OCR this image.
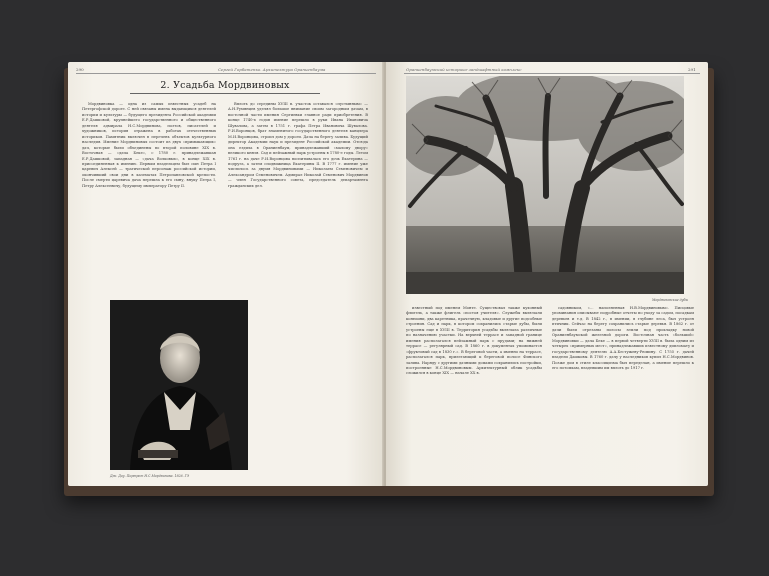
290	Сергей Горбатенко. Архитектура Ораниенбаума
2. Усадьба Мордвиновых

Мордвиновка — одна из самых известных усадеб на Петергофской дороге. С ней связаны имена выдающихся деятелей истории и культуры — будущего президента Российской академии Е.Р.Дашковой, крупнейшего государственного и общественного деятеля адмирала Н.С.Мордвинова, поэтов, писателей и художников, история отражена в работах отечественных историков. Памятник включен в перечень объектов культурного наследия. Имение Мордвиновых состоит из двух «примыкающих» дач, которые были объединены во второй половине XIX в. Восточная — «дача Беке», с 1780 г. принадлежавшая Е.Р.Дашковой, западная — «дача Волковых», в конце XIX в. присоединенная к имению. Первым владельцем был сын Петра I царевич Алексей — трагической персонаж российской истории, окончивший свои дни в казематах Петропавловской крепости. После смерти царевича дача перешла к его сыну, внуку Петра I, Петру Алексеевичу, будущему императору Петру II.

Вплоть до середины XVIII в. участок оставался «пустынным» — А.Н.Румянцев уделял большое внимание своим загородным дачам, в восточной части имения Сергиевки главное ради приобретения. В конце 1740-х годов имение перешло в руки Ивана Ивановича Шувалова, а затем в 1751 г. графа Петра Ивановича Шувалова. Р.И.Воронцов, брат знаменитого государственного деятеля канцлера М.И.Воронцова, строил дом у дороги. Дача на берегу залива. Будущий директор Академии наук и президент Российской академии. Отсюда она ездила в Ораниенбаум, принадлежавший «малому двору» великого князя. Сад и пейзажный парк устроены в 1780-е годы. Летом 1761 г. на даче Р.И.Воронцова воспитывалась его дочь Екатерина — подруга, а затем сподвижница Екатерины II. В 1777 г. имение уже числилось за двумя Мордвиновыми — Николаем Семеновичем и Александром Семеновичем. Адмирал Николай Семенович Мордвинов — член Государственного совета, председатель департамента гражданских дел.

Дж. Доу. Портрет Н.С.Мордвинова. 1826. ГЭ
Ораниенбаумский историко-ландшафтный комплекс	291
Мордвиновские дубы

известный под именем Монте. Существовал также кухонный флигель, а также флигель «постоя учителя». Служебы включали конюшни, два каретника, прачечную, кладовые и другие подсобные строения. Сад и парк, в котором сохранились старые дубы, были устроены еще в XVIII в. Территория усадьбы включала различные по назначению участки. На верхней террасе и западной границе имения располагался пейзажный парк с прудами; на нижней террасе — регулярный сад. В 1860 г. в документах упоминается «фруктовый сад в 1830 г.». В береговой части, а именно на террасе, располагался парк, прилегающий к береговой полосе Финского залива. Наряду с другими дачными домами сохранились постройки, построенные Н.С.Мордвиновым. Архитектурный облик усадьбы сложился в конце XIX — начале XX в.

садовником, «… наполненная Н.В.Мордвиновым». Писцовые упоминания описывают подробные отчеты по уходу за садом, посадкам деревьев и т.д. В 1842 г., в имении, в глубине леса, был устроен птичник. Сейчас на берегу сохранились старые деревья. В 1862 г. от дачи были отрезаны полосы земли под прокладку новой Ораниенбаумской железной дороги. Восточная часть «большой» Мордвиновки — дача Беке — в первой четверти XVIII в. была одним из четырех «примерных мест», принадлежавших известному дипломату и государственному деятелю А.А.Бестужеву-Рюмину. С 1755 г. дачей владели Дашковы. В 1760 г. дачу у наследников купил Н.С.Мордвинов. Позже дом в стиле классицизма был переделан, а имение перешло к его потомкам, владевшим им вплоть до 1917 г.
